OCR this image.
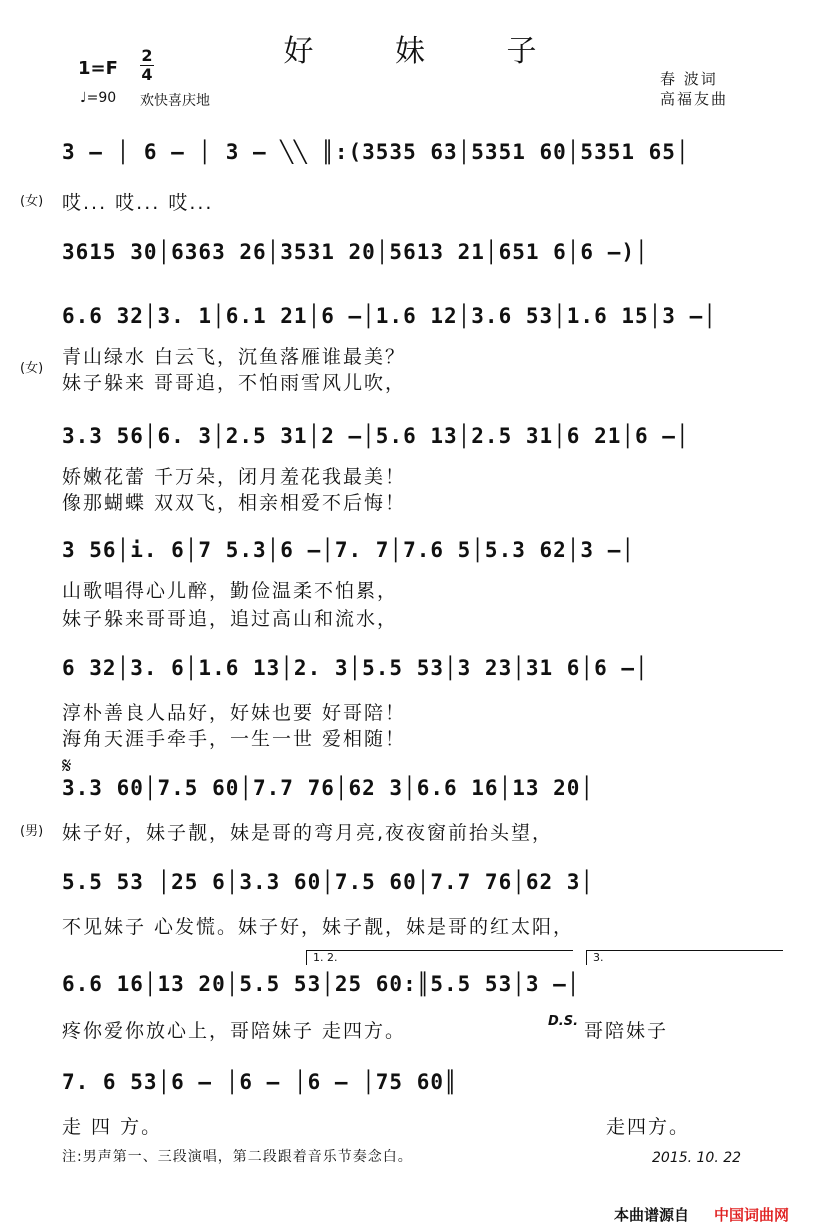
好 妹 子
1=F
2
4
♩=90 欢快喜庆地
春 波词
高福友曲
3 – │ 6 – │ 3 – ╲╲ ║:(3535 63│5351 60│5351 65│
(女) 哎... 哎... 哎...
3615 30│6363 26│3531 20│5613 21│651 6│6 –)│
6.6 32│3. 1│6.1 21│6 –│1.6 12│3.6 53│1.6 15│3 –│
(女)
青山绿水 白云飞，沉鱼落雁谁最美？
妹子躲来 哥哥追，不怕雨雪风儿吹，
3.3 56│6. 3│2.5 31│2 –│5.6 13│2.5 31│6 21│6 –│
娇嫩花蕾 千万朵，闭月羞花我最美！
像那蝴蝶 双双飞，相亲相爱不后悔！
3 56│i. 6│7 5.3│6 –│7. 7│7.6 5│5.3 62│3 –│
山歌唱得心儿醉，勤俭温柔不怕累，
妹子躲来哥哥追，追过高山和流水，
6 32│3. 6│1.6 13│2. 3│5.5 53│3 23│31 6│6 –│
淳朴善良人品好，好妹也要 好哥陪！
海角天涯手牵手，一生一世 爱相随！
𝄋
3.3 60│7.5 60│7.7 76│62 3│6.6 16│13 20│
(男) 妹子好，妹子靓，妹是哥的弯月亮,夜夜窗前抬头望，
5.5 53 │25 6│3.3 60│7.5 60│7.7 76│62 3│
不见妹子 心发慌。妹子好，妹子靓，妹是哥的红太阳，
1. 2.	3.
6.6 16│13 20│5.5 53│25 60:║5.5 53│3 –│
疼你爱你放心上，哥陪妹子 走四方。	D.S. 哥陪妹子
7. 6 53│6 – │6 – │6 – │75 60║
走 四 方。	走四方。
注:男声第一、三段演唱，第二段跟着音乐节奏念白。	2015. 10. 22
本曲谱源自 中国词曲网
